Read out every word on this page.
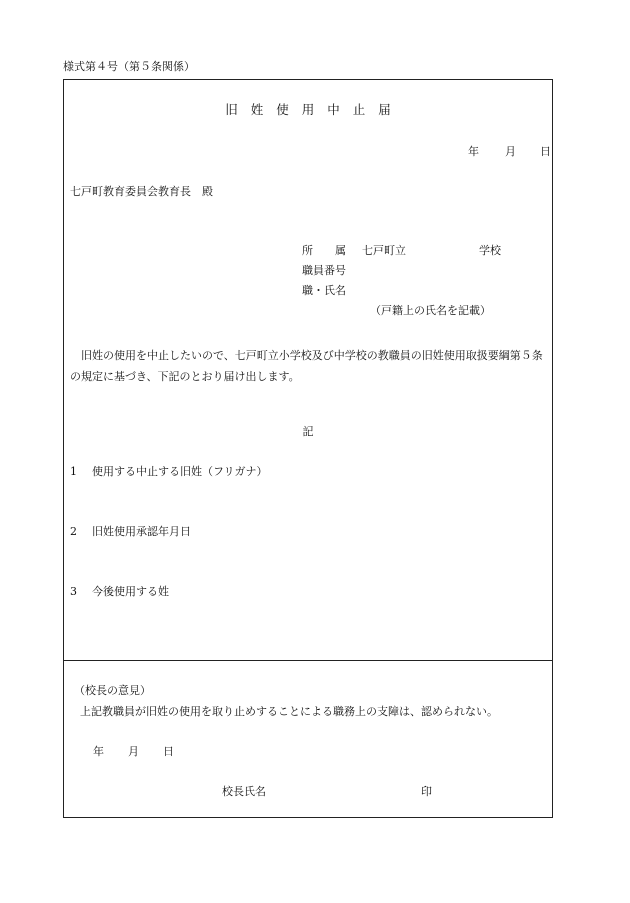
様式第４号（第５条関係）
旧姓使用中止届
年 月 日
七戸町教育委員会教育長　殿
所　　属 七戸町立	学校
職員番号
職・氏名
（戸籍上の氏名を記載）
旧姓の使用を中止したいので、七戸町立小学校及び中学校の教職員の旧姓使用取扱要綱第５条の規定に基づき、下記のとおり届け出します。
記
1 使用する中止する旧姓（フリガナ）
2 旧姓使用承認年月日
3 今後使用する姓
（校長の意見）
上記教職員が旧姓の使用を取り止めすることによる職務上の支障は、認められない。
年 月 日
校長氏名	印
